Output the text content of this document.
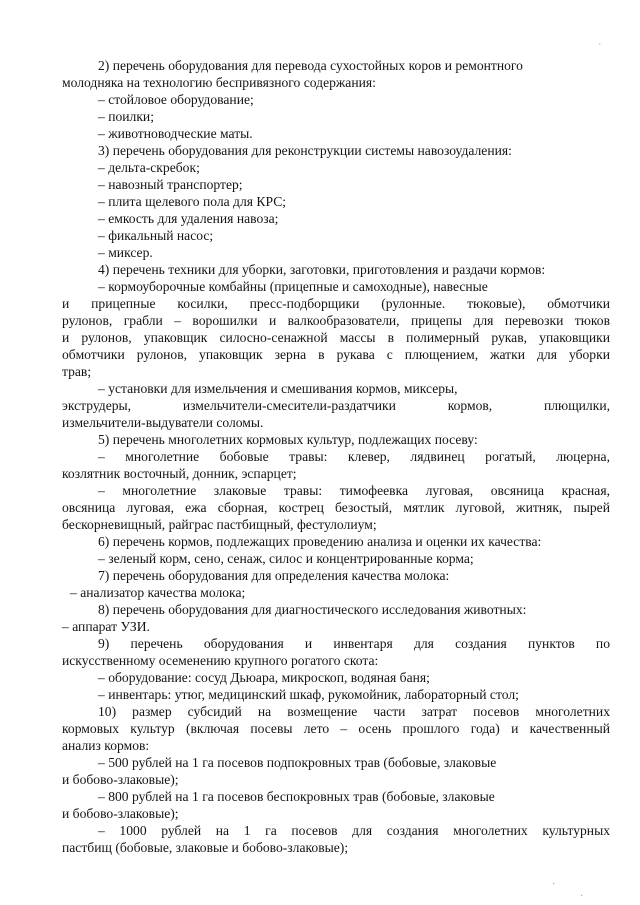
2) перечень оборудования для перевода сухостойных коров и ремонтного
молодняка на технологию беспривязного содержания:
– стойловое оборудование;
– поилки;
– животноводческие маты.
3) перечень оборудования для реконструкции системы навозоудаления:
– дельта-скребок;
– навозный транспортер;
– плита щелевого пола для КРС;
– емкость для удаления навоза;
– фикальный насос;
– миксер.
4) перечень техники для уборки, заготовки, приготовления и раздачи кормов:
– кормоуборочные комбайны (прицепные и самоходные), навесные
и прицепные косилки, пресс-подборщики (рулонные. тюковые), обмотчики
рулонов, грабли – ворошилки и валкообразователи, прицепы для перевозки тюков
и рулонов, упаковщик силосно-сенажной массы в полимерный рукав, упаковщики
обмотчики рулонов, упаковщик зерна в рукава с плющением, жатки для уборки
трав;
– установки для измельчения и смешивания кормов, миксеры,
экструдеры, измельчители-смесители-раздатчики кормов, плющилки,
измельчители-выдуватели соломы.
5) перечень многолетних кормовых культур, подлежащих посеву:
– многолетние бобовые травы: клевер, лядвинец рогатый, люцерна,
козлятник восточный, донник, эспарцет;
– многолетние злаковые травы: тимофеевка луговая, овсяница красная,
овсяница луговая, ежа сборная, кострец безостый, мятлик луговой, житняк, пырей
бескорневищный, райграс пастбищный, фестулолиум;
6) перечень кормов, подлежащих проведению анализа и оценки их качества:
– зеленый корм, сено, сенаж, силос и концентрированные корма;
7) перечень оборудования для определения качества молока:
– анализатор качества молока;
8) перечень оборудования для диагностического исследования животных:
– аппарат УЗИ.
9) перечень оборудования и инвентаря для создания пунктов по
искусственному осеменению крупного рогатого скота:
– оборудование: сосуд Дьюара, микроскоп, водяная баня;
– инвентарь: утюг, медицинский шкаф, рукомойник, лабораторный стол;
10) размер субсидий на возмещение части затрат посевов многолетних
кормовых культур (включая посевы лето – осень прошлого года) и качественный
анализ кормов:
– 500 рублей на 1 га посевов подпокровных трав (бобовые, злаковые
и бобово-злаковые);
– 800 рублей на 1 га посевов беспокровных трав (бобовые, злаковые
и бобово-злаковые);
– 1000 рублей на 1 га посевов для создания многолетних культурных
пастбищ (бобовые, злаковые и бобово-злаковые);
´
·
·
